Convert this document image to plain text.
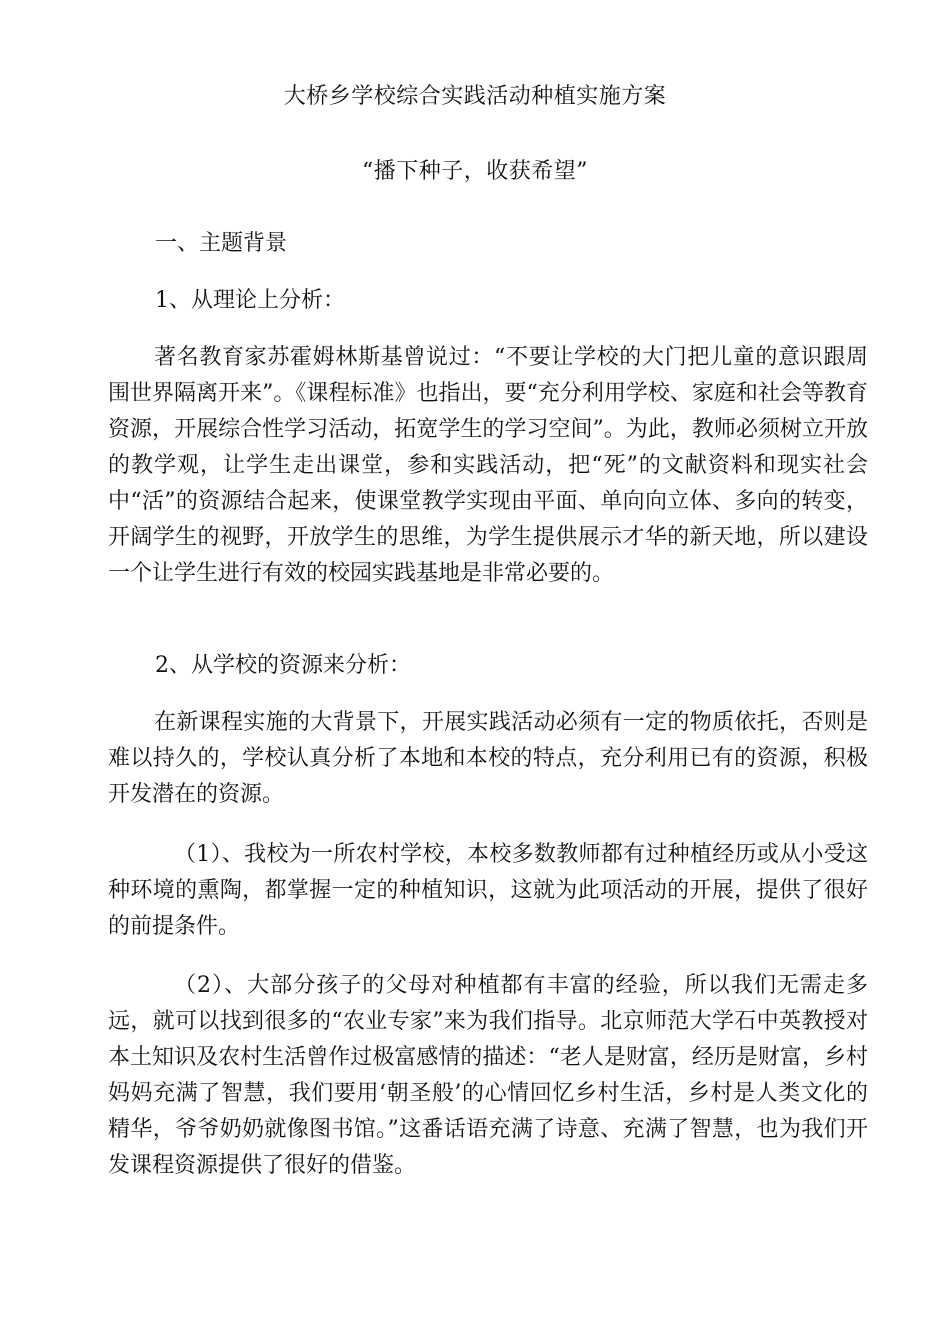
大桥乡学校综合实践活动种植实施方案
“播下种子，收获希望”
一、主题背景
1、从理论上分析：
著名教育家苏霍姆林斯基曾说过：“不要让学校的大门把儿童的意识跟周围世界隔离开来”。《课程标准》也指出，要“充分利用学校、家庭和社会等教育资源，开展综合性学习活动，拓宽学生的学习空间”。为此，教师必须树立开放的教学观，让学生走出课堂，参和实践活动，把“死”的文献资料和现实社会中“活”的资源结合起来，使课堂教学实现由平面、单向向立体、多向的转变，开阔学生的视野，开放学生的思维，为学生提供展示才华的新天地，所以建设一个让学生进行有效的校园实践基地是非常必要的。
2、从学校的资源来分析：
在新课程实施的大背景下，开展实践活动必须有一定的物质依托，否则是难以持久的，学校认真分析了本地和本校的特点，充分利用已有的资源，积极开发潜在的资源。
（1）、我校为一所农村学校，本校多数教师都有过种植经历或从小受这种环境的熏陶，都掌握一定的种植知识，这就为此项活动的开展，提供了很好的前提条件。
（2）、大部分孩子的父母对种植都有丰富的经验，所以我们无需走多远，就可以找到很多的“农业专家”来为我们指导。北京师范大学石中英教授对本土知识及农村生活曾作过极富感情的描述：“老人是财富，经历是财富，乡村妈妈充满了智慧，我们要用‘朝圣般’的心情回忆乡村生活，乡村是人类文化的精华，爷爷奶奶就像图书馆。”这番话语充满了诗意、充满了智慧，也为我们开发课程资源提供了很好的借鉴。
